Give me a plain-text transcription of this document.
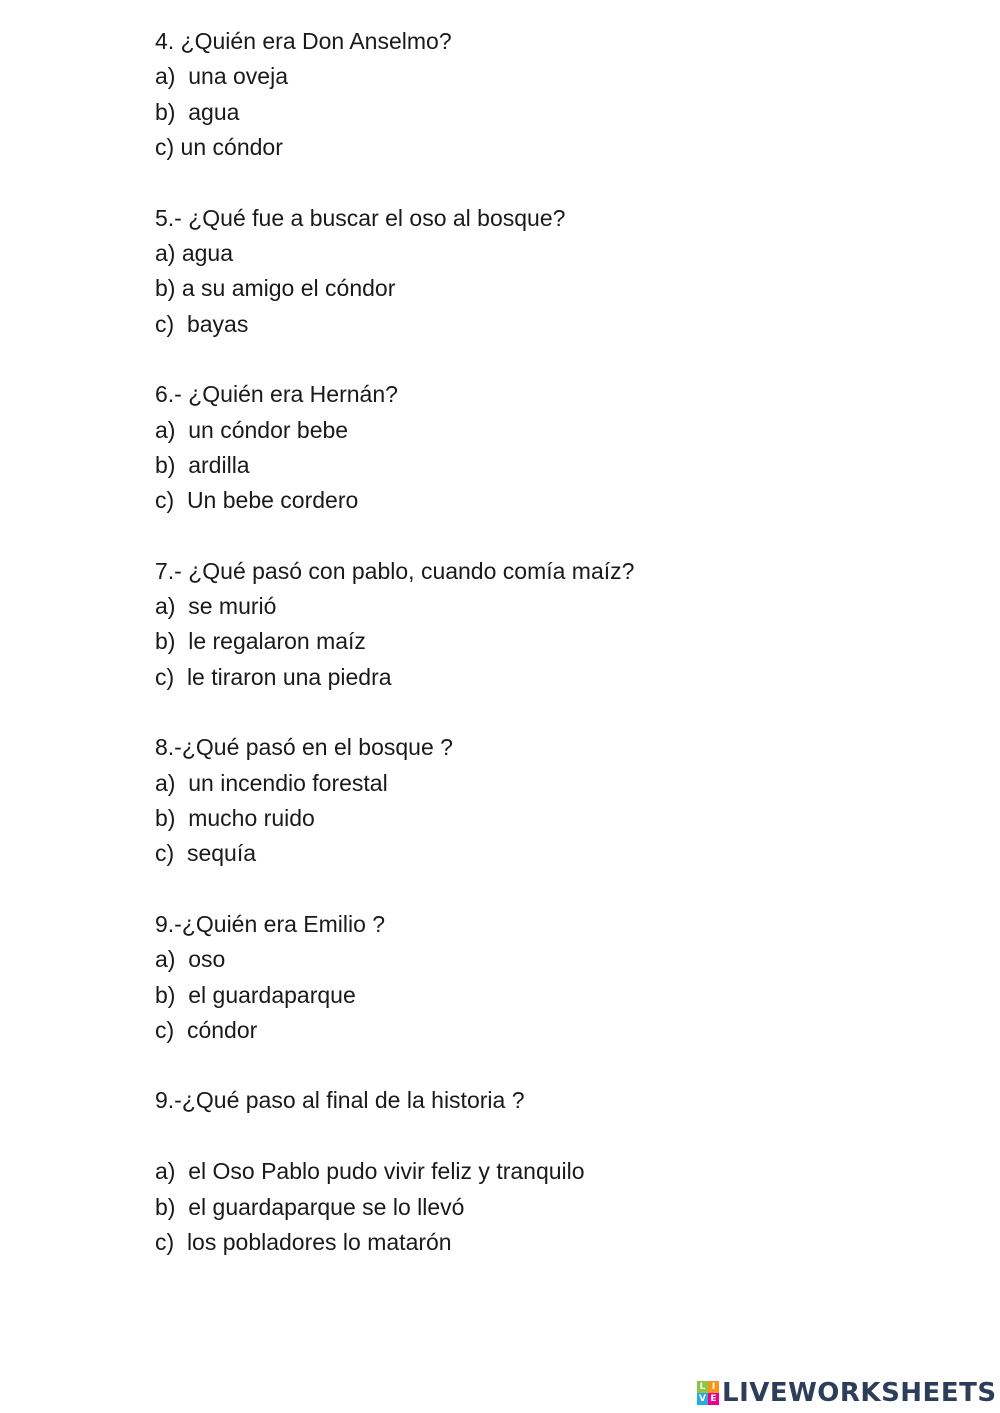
4. ¿Quién era Don Anselmo?
a)  una oveja
b)  agua
c) un cóndor
5.- ¿Qué fue a buscar el oso al bosque?
a) agua
b) a su amigo el cóndor
c)  bayas
6.- ¿Quién era Hernán?
a)  un cóndor bebe
b)  ardilla
c)  Un bebe cordero
7.- ¿Qué pasó con pablo, cuando comía maíz?
a)  se murió
b)  le regalaron maíz
c)  le tiraron una piedra
8.-¿Qué pasó en el bosque ?
a)  un incendio forestal
b)  mucho ruido
c)  sequía
9.-¿Quién era Emilio ?
a)  oso
b)  el guardaparque
c)  cóndor
9.-¿Qué paso al final de la historia ?
a)  el Oso Pablo pudo vivir feliz y tranquilo
b)  el guardaparque se lo llevó
c)  los pobladores lo matarón
L I
V E LIVEWORKSHEETS
